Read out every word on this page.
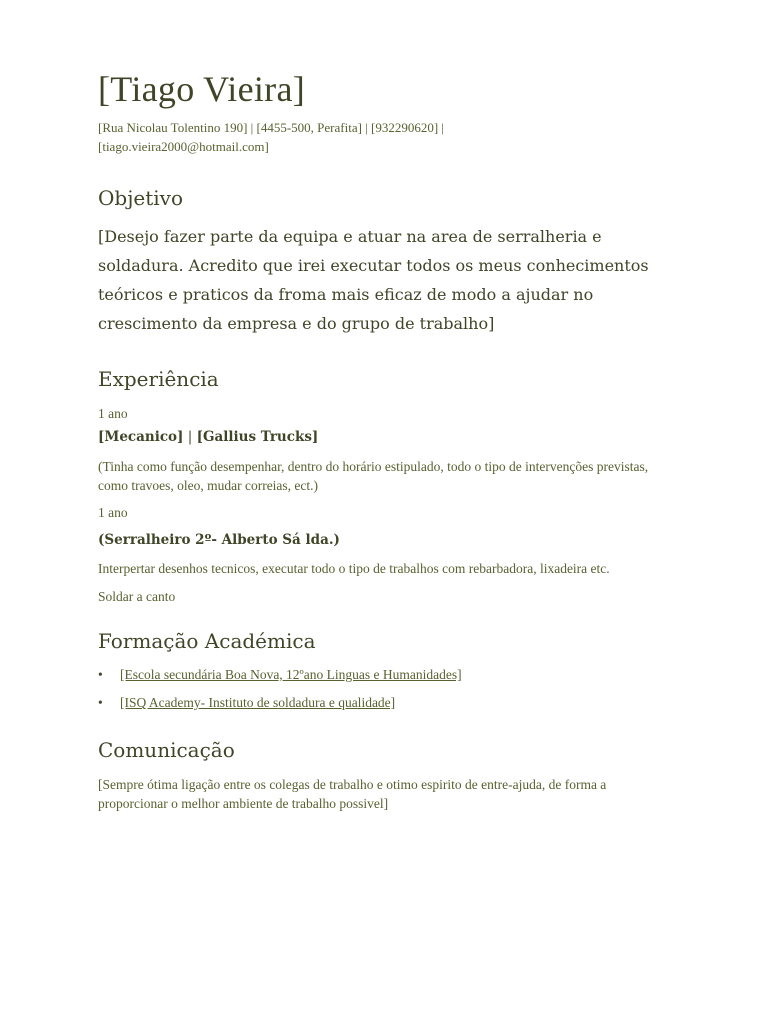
[Tiago Vieira]
[Rua Nicolau Tolentino 190] | [4455-500, Perafita] | [932290620] |
[tiago.vieira2000@hotmail.com]
Objetivo
[Desejo fazer parte da equipa e atuar na area de serralheria e soldadura. Acredito que irei executar todos os meus conhecimentos teóricos e praticos da froma mais eficaz de modo a ajudar no crescimento da empresa e do grupo de trabalho]
Experiência
1 ano
[Mecanico] | [Gallius Trucks]
(Tinha como função desempenhar, dentro do horário estipulado, todo o tipo de intervenções previstas, como travoes, oleo, mudar correias, ect.)
1 ano
(Serralheiro 2º- Alberto Sá lda.)
Interpertar desenhos tecnicos, executar todo o tipo de trabalhos com rebarbadora, lixadeira etc.
Soldar a canto
Formação Académica
• [Escola secundária Boa Nova, 12ºano Linguas e Humanidades]
• [ISQ Academy- Instituto de soldadura e qualidade]
Comunicação
[Sempre ótima ligação entre os colegas de trabalho e otimo espirito de entre-ajuda, de forma a proporcionar o melhor ambiente de trabalho possivel]
